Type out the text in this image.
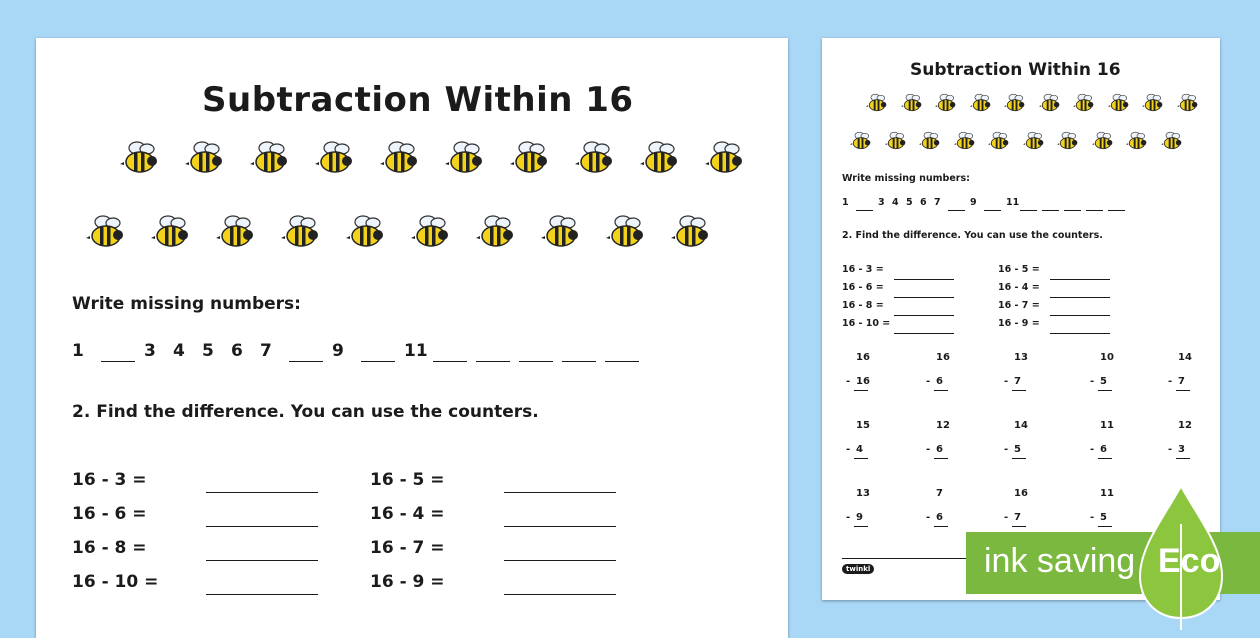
Subtraction Within 16
Write missing numbers:
1	3 4 5 6 7	9	11
2. Find the difference. You can use the counters.
16 - 3 =
16 - 6 =
16 - 8 =
16 - 10 =
16 - 5 =
16 - 4 =
16 - 7 =
16 - 9 =
Subtraction Within 16
Write missing numbers:
1	3 4 5 6 7	9	11
2. Find the difference. You can use the counters.
16 - 3 =
16 - 6 =
16 - 8 =
16 - 10 =
16 - 5 =
16 - 4 =
16 - 7 =
16 - 9 =
16
- 16
16
- 6
13
- 7
10
- 5
14
- 7
15
- 4
12
- 6
14
- 5
11
- 6
12
- 3
13
- 9
7
- 6
16
- 7
11
- 5
twinkl	ink saving Eco
